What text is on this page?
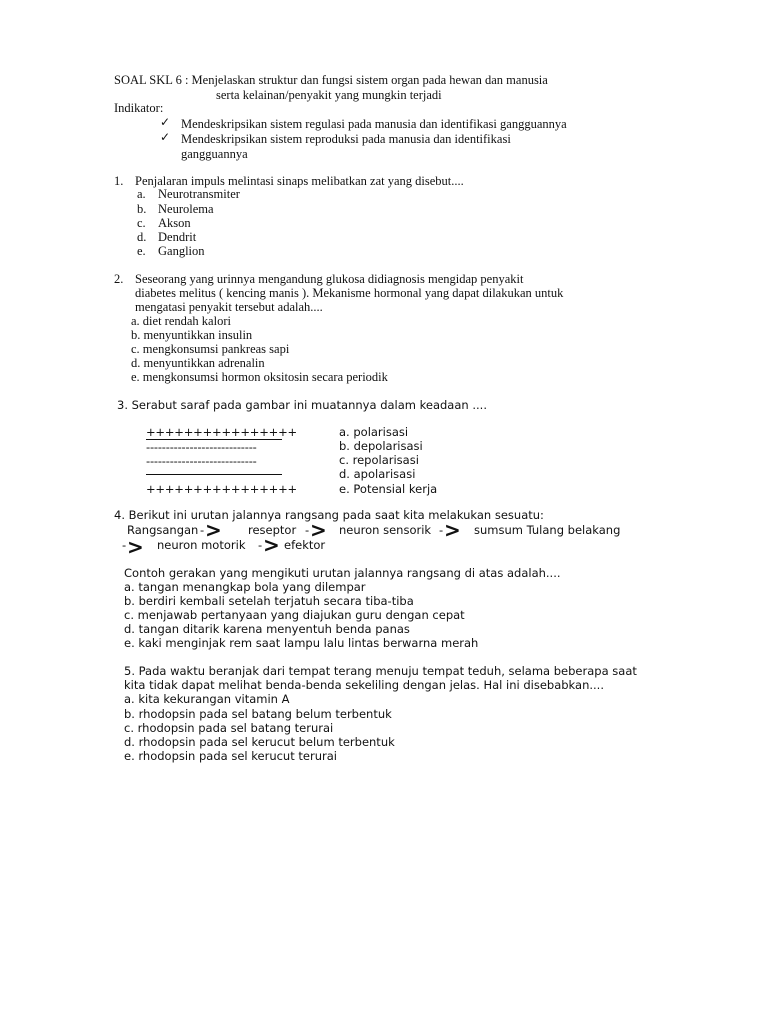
SOAL SKL 6 : Menjelaskan struktur dan fungsi sistem organ pada hewan dan manusia
serta kelainan/penyakit yang mungkin terjadi
Indikator:
✓ Mendeskripsikan sistem regulasi pada manusia dan identifikasi gangguannya
✓ Mendeskripsikan sistem reproduksi pada manusia dan identifikasi
gangguannya
1. Penjalaran impuls melintasi sinaps melibatkan zat yang disebut....
a. Neurotransmiter
b. Neurolema
c. Akson
d. Dendrit
e. Ganglion
2. Seseorang yang urinnya mengandung glukosa didiagnosis mengidap penyakit
diabetes melitus ( kencing manis ). Mekanisme hormonal yang dapat dilakukan untuk
mengatasi penyakit tersebut adalah....
a. diet rendah kalori
b. menyuntikkan insulin
c. mengkonsumsi pankreas sapi
d. menyuntikkan adrenalin
e. mengkonsumsi hormon oksitosin secara periodik
3. Serabut saraf pada gambar ini muatannya dalam keadaan ....
++++++++++++++++
----------------------------
----------------------------
++++++++++++++++
a. polarisasi
b. depolarisasi
c. repolarisasi
d. apolarisasi
e. Potensial kerja
4. Berikut ini urutan jalannya rangsang pada saat kita melakukan sesuatu:
Rangsangan - > reseptor - > neuron sensorik - > sumsum Tulang belakang
- > neuron motorik - > efektor
Contoh gerakan yang mengikuti urutan jalannya rangsang di atas adalah....
a. tangan menangkap bola yang dilempar
b. berdiri kembali setelah terjatuh secara tiba-tiba
c. menjawab pertanyaan yang diajukan guru dengan cepat
d. tangan ditarik karena menyentuh benda panas
e. kaki menginjak rem saat lampu lalu lintas berwarna merah
5. Pada waktu beranjak dari tempat terang menuju tempat teduh, selama beberapa saat
kita tidak dapat melihat benda-benda sekeliling dengan jelas. Hal ini disebabkan....
a. kita kekurangan vitamin A
b. rhodopsin pada sel batang belum terbentuk
c. rhodopsin pada sel batang terurai
d. rhodopsin pada sel kerucut belum terbentuk
e. rhodopsin pada sel kerucut terurai
